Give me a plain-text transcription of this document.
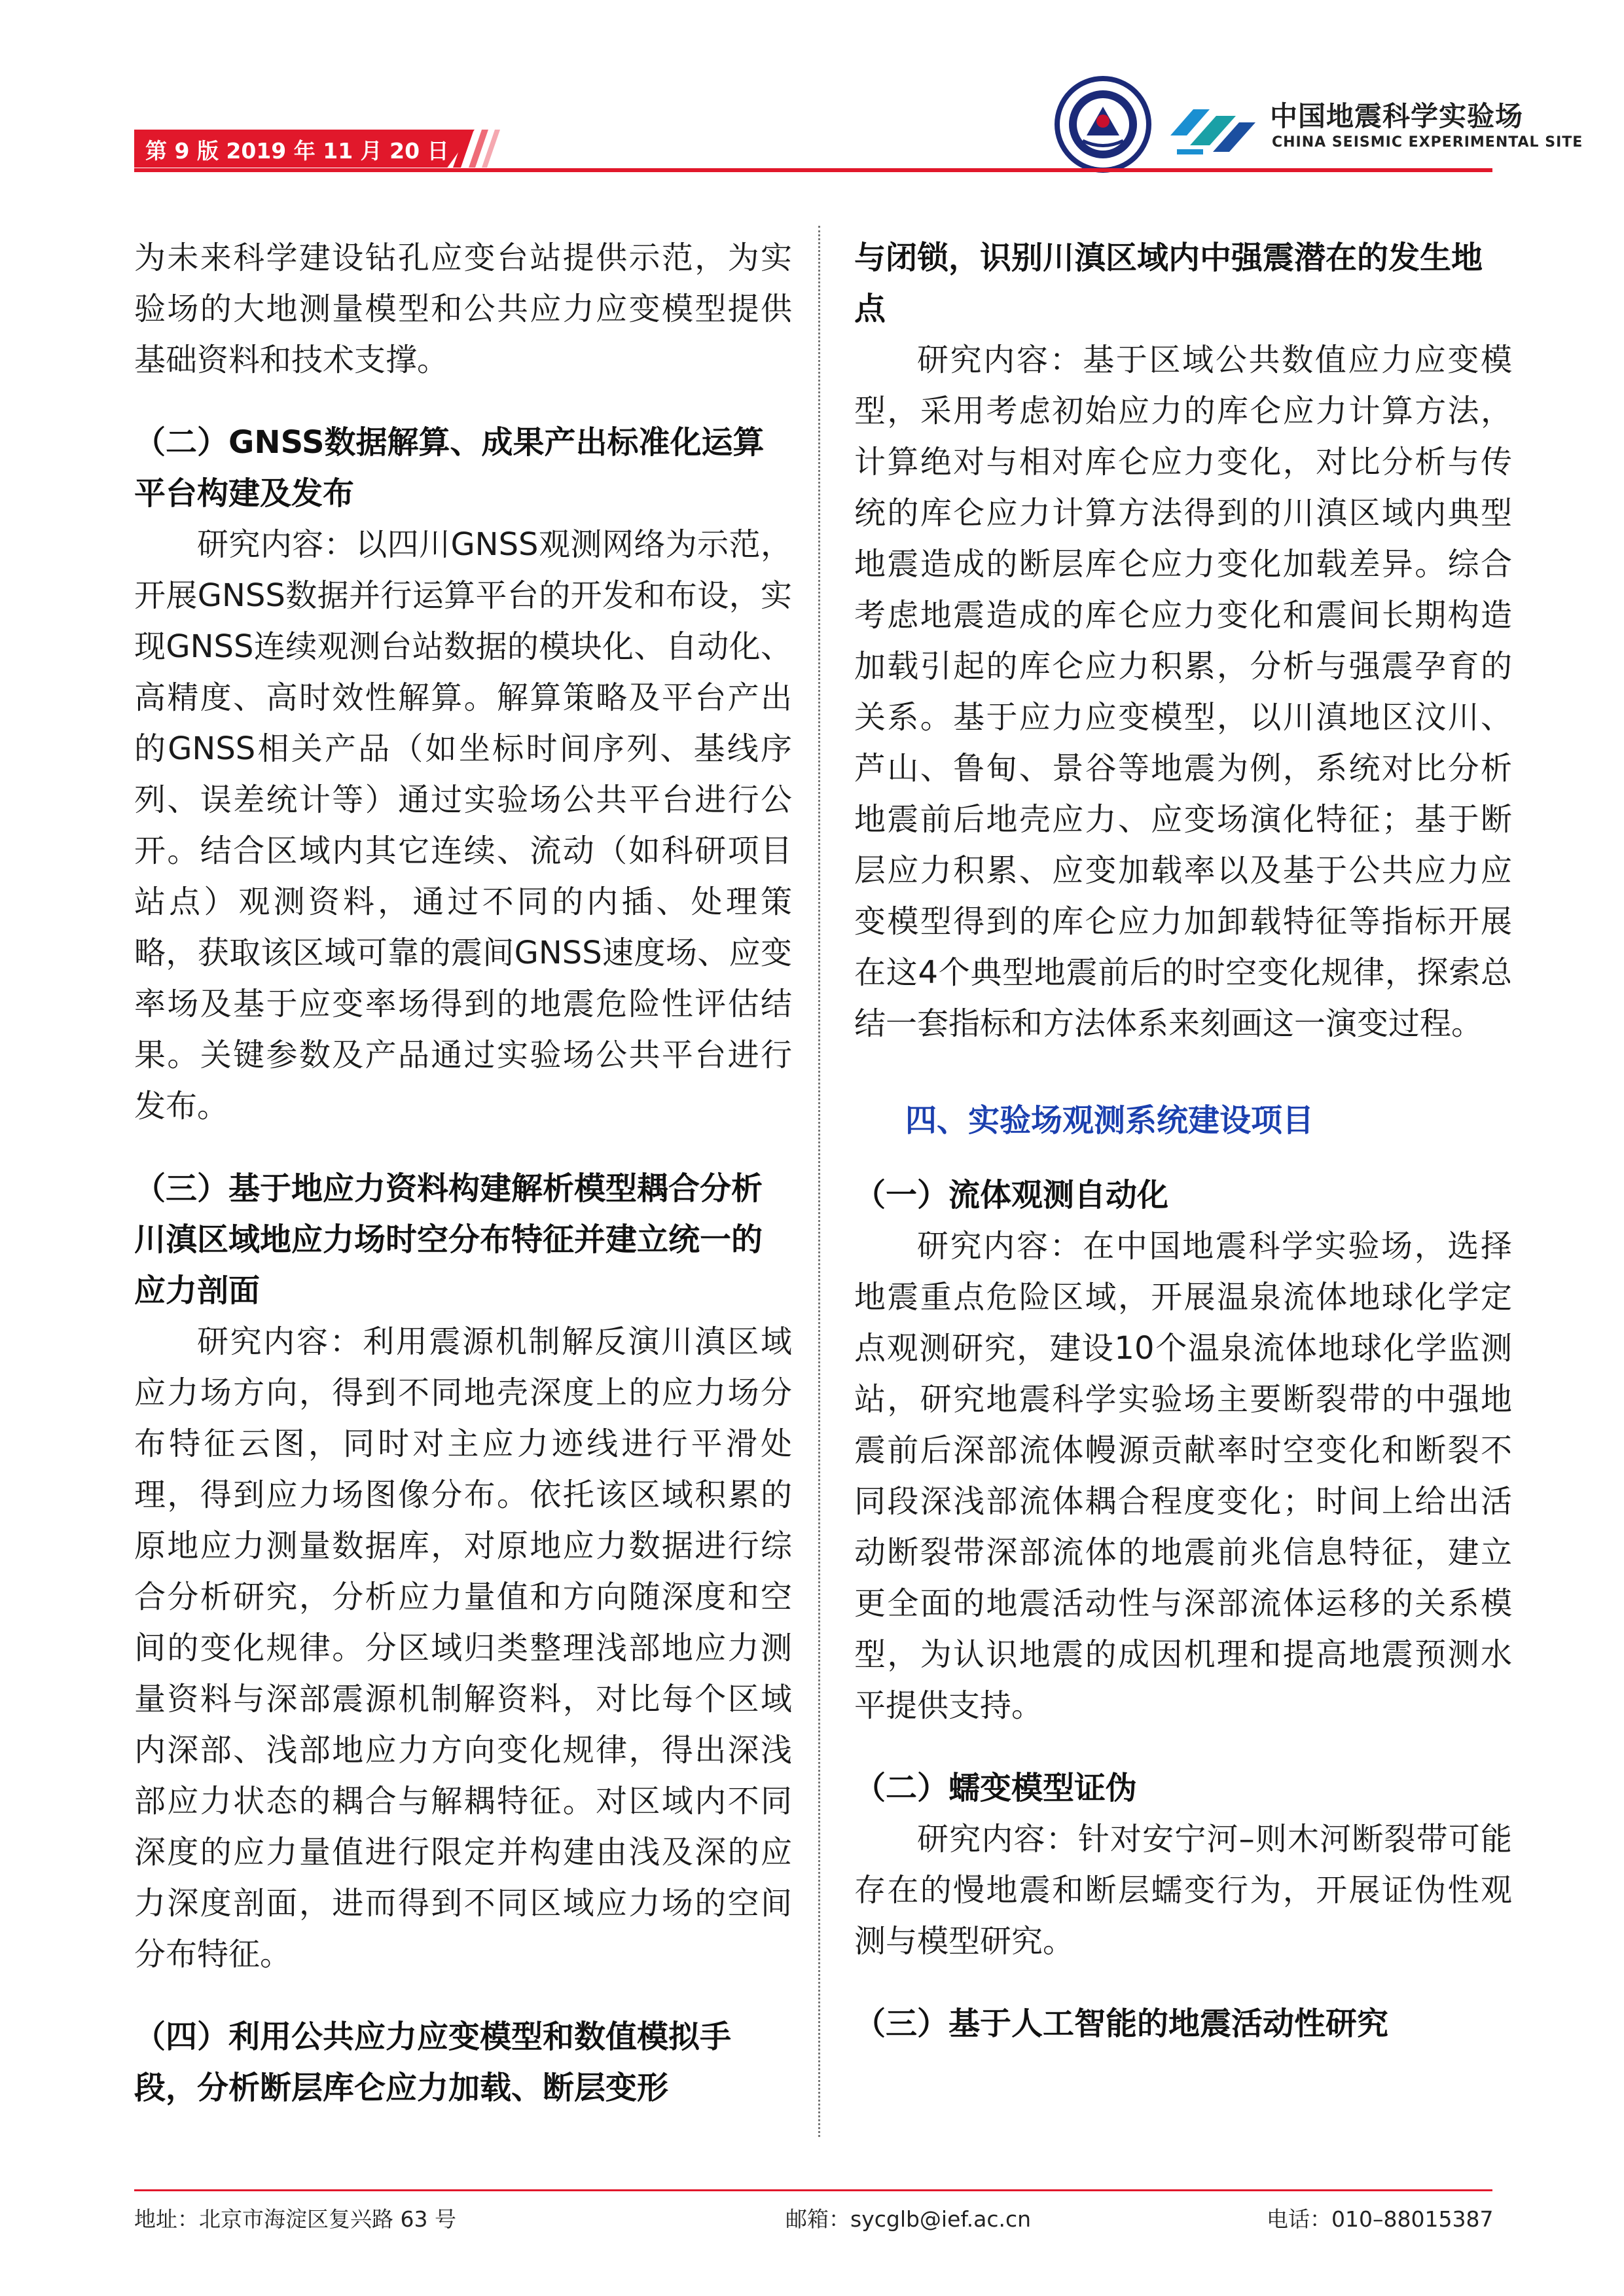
中国地震科学实验场
CHINA SEISMIC EXPERIMENTAL SITE
第 9 版 2019 年 11 月 20 日

为未来科学建设钻孔应变台站提供示范，为实验场的大地测量模型和公共应力应变模型提供基础资料和技术支撑。

（二）GNSS数据解算、成果产出标准化运算平台构建及发布

研究内容：以四川GNSS观测网络为示范，开展GNSS数据并行运算平台的开发和布设，实现GNSS连续观测台站数据的模块化、自动化、高精度、高时效性解算。解算策略及平台产出的GNSS相关产品（如坐标时间序列、基线序列、误差统计等）通过实验场公共平台进行公开。结合区域内其它连续、流动（如科研项目站点）观测资料，通过不同的内插、处理策略，获取该区域可靠的震间GNSS速度场、应变率场及基于应变率场得到的地震危险性评估结果。关键参数及产品通过实验场公共平台进行发布。

（三）基于地应力资料构建解析模型耦合分析川滇区域地应力场时空分布特征并建立统一的应力剖面

研究内容：利用震源机制解反演川滇区域应力场方向，得到不同地壳深度上的应力场分布特征云图，同时对主应力迹线进行平滑处理，得到应力场图像分布。依托该区域积累的原地应力测量数据库，对原地应力数据进行综合分析研究，分析应力量值和方向随深度和空间的变化规律。分区域归类整理浅部地应力测量资料与深部震源机制解资料，对比每个区域内深部、浅部地应力方向变化规律，得出深浅部应力状态的耦合与解耦特征。对区域内不同深度的应力量值进行限定并构建由浅及深的应力深度剖面，进而得到不同区域应力场的空间分布特征。

（四）利用公共应力应变模型和数值模拟手段，分析断层库仑应力加载、断层变形

与闭锁，识别川滇区域内中强震潜在的发生地点

研究内容：基于区域公共数值应力应变模型，采用考虑初始应力的库仑应力计算方法，计算绝对与相对库仑应力变化，对比分析与传统的库仑应力计算方法得到的川滇区域内典型地震造成的断层库仑应力变化加载差异。综合考虑地震造成的库仑应力变化和震间长期构造加载引起的库仑应力积累，分析与强震孕育的关系。基于应力应变模型，以川滇地区汶川、芦山、鲁甸、景谷等地震为例，系统对比分析地震前后地壳应力、应变场演化特征；基于断层应力积累、应变加载率以及基于公共应力应变模型得到的库仑应力加卸载特征等指标开展在这4个典型地震前后的时空变化规律，探索总结一套指标和方法体系来刻画这一演变过程。

四、实验场观测系统建设项目

（一）流体观测自动化

研究内容：在中国地震科学实验场，选择地震重点危险区域，开展温泉流体地球化学定点观测研究，建设10个温泉流体地球化学监测站，研究地震科学实验场主要断裂带的中强地震前后深部流体幔源贡献率时空变化和断裂不同段深浅部流体耦合程度变化；时间上给出活动断裂带深部流体的地震前兆信息特征，建立更全面的地震活动性与深部流体运移的关系模型，为认识地震的成因机理和提高地震预测水平提供支持。

（二）蠕变模型证伪

研究内容：针对安宁河–则木河断裂带可能存在的慢地震和断层蠕变行为，开展证伪性观测与模型研究。

（三）基于人工智能的地震活动性研究

地址：北京市海淀区复兴路 63 号	邮箱：sycglb@ief.ac.cn	电话：010–88015387
